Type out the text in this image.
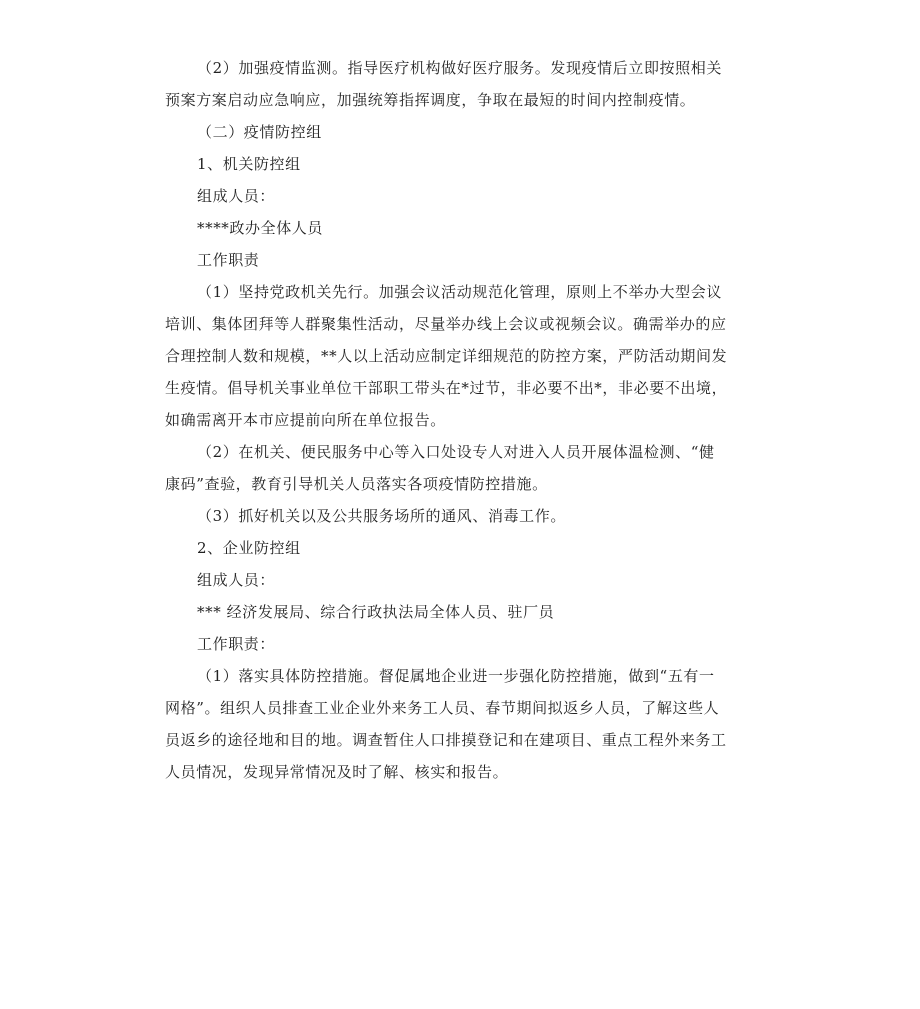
（2）加强疫情监测。指导医疗机构做好医疗服务。发现疫情后立即按照相关
预案方案启动应急响应，加强统筹指挥调度，争取在最短的时间内控制疫情。

（二）疫情防控组

1、机关防控组

组成人员：

****政办全体人员

工作职责

（1）坚持党政机关先行。加强会议活动规范化管理，原则上不举办大型会议
培训、集体团拜等人群聚集性活动，尽量举办线上会议或视频会议。确需举办的应
合理控制人数和规模，**人以上活动应制定详细规范的防控方案，严防活动期间发
生疫情。倡导机关事业单位干部职工带头在*过节，非必要不出*，非必要不出境，
如确需离开本市应提前向所在单位报告。

（2）在机关、便民服务中心等入口处设专人对进入人员开展体温检测、“健
康码”查验，教育引导机关人员落实各项疫情防控措施。

（3）抓好机关以及公共服务场所的通风、消毒工作。

2、企业防控组

组成人员：

*** 经济发展局、综合行政执法局全体人员、驻厂员

工作职责：

（1）落实具体防控措施。督促属地企业进一步强化防控措施，做到“五有一
网格”。组织人员排查工业企业外来务工人员、春节期间拟返乡人员，了解这些人
员返乡的途径地和目的地。调查暂住人口排摸登记和在建项目、重点工程外来务工
人员情况，发现异常情况及时了解、核实和报告。
